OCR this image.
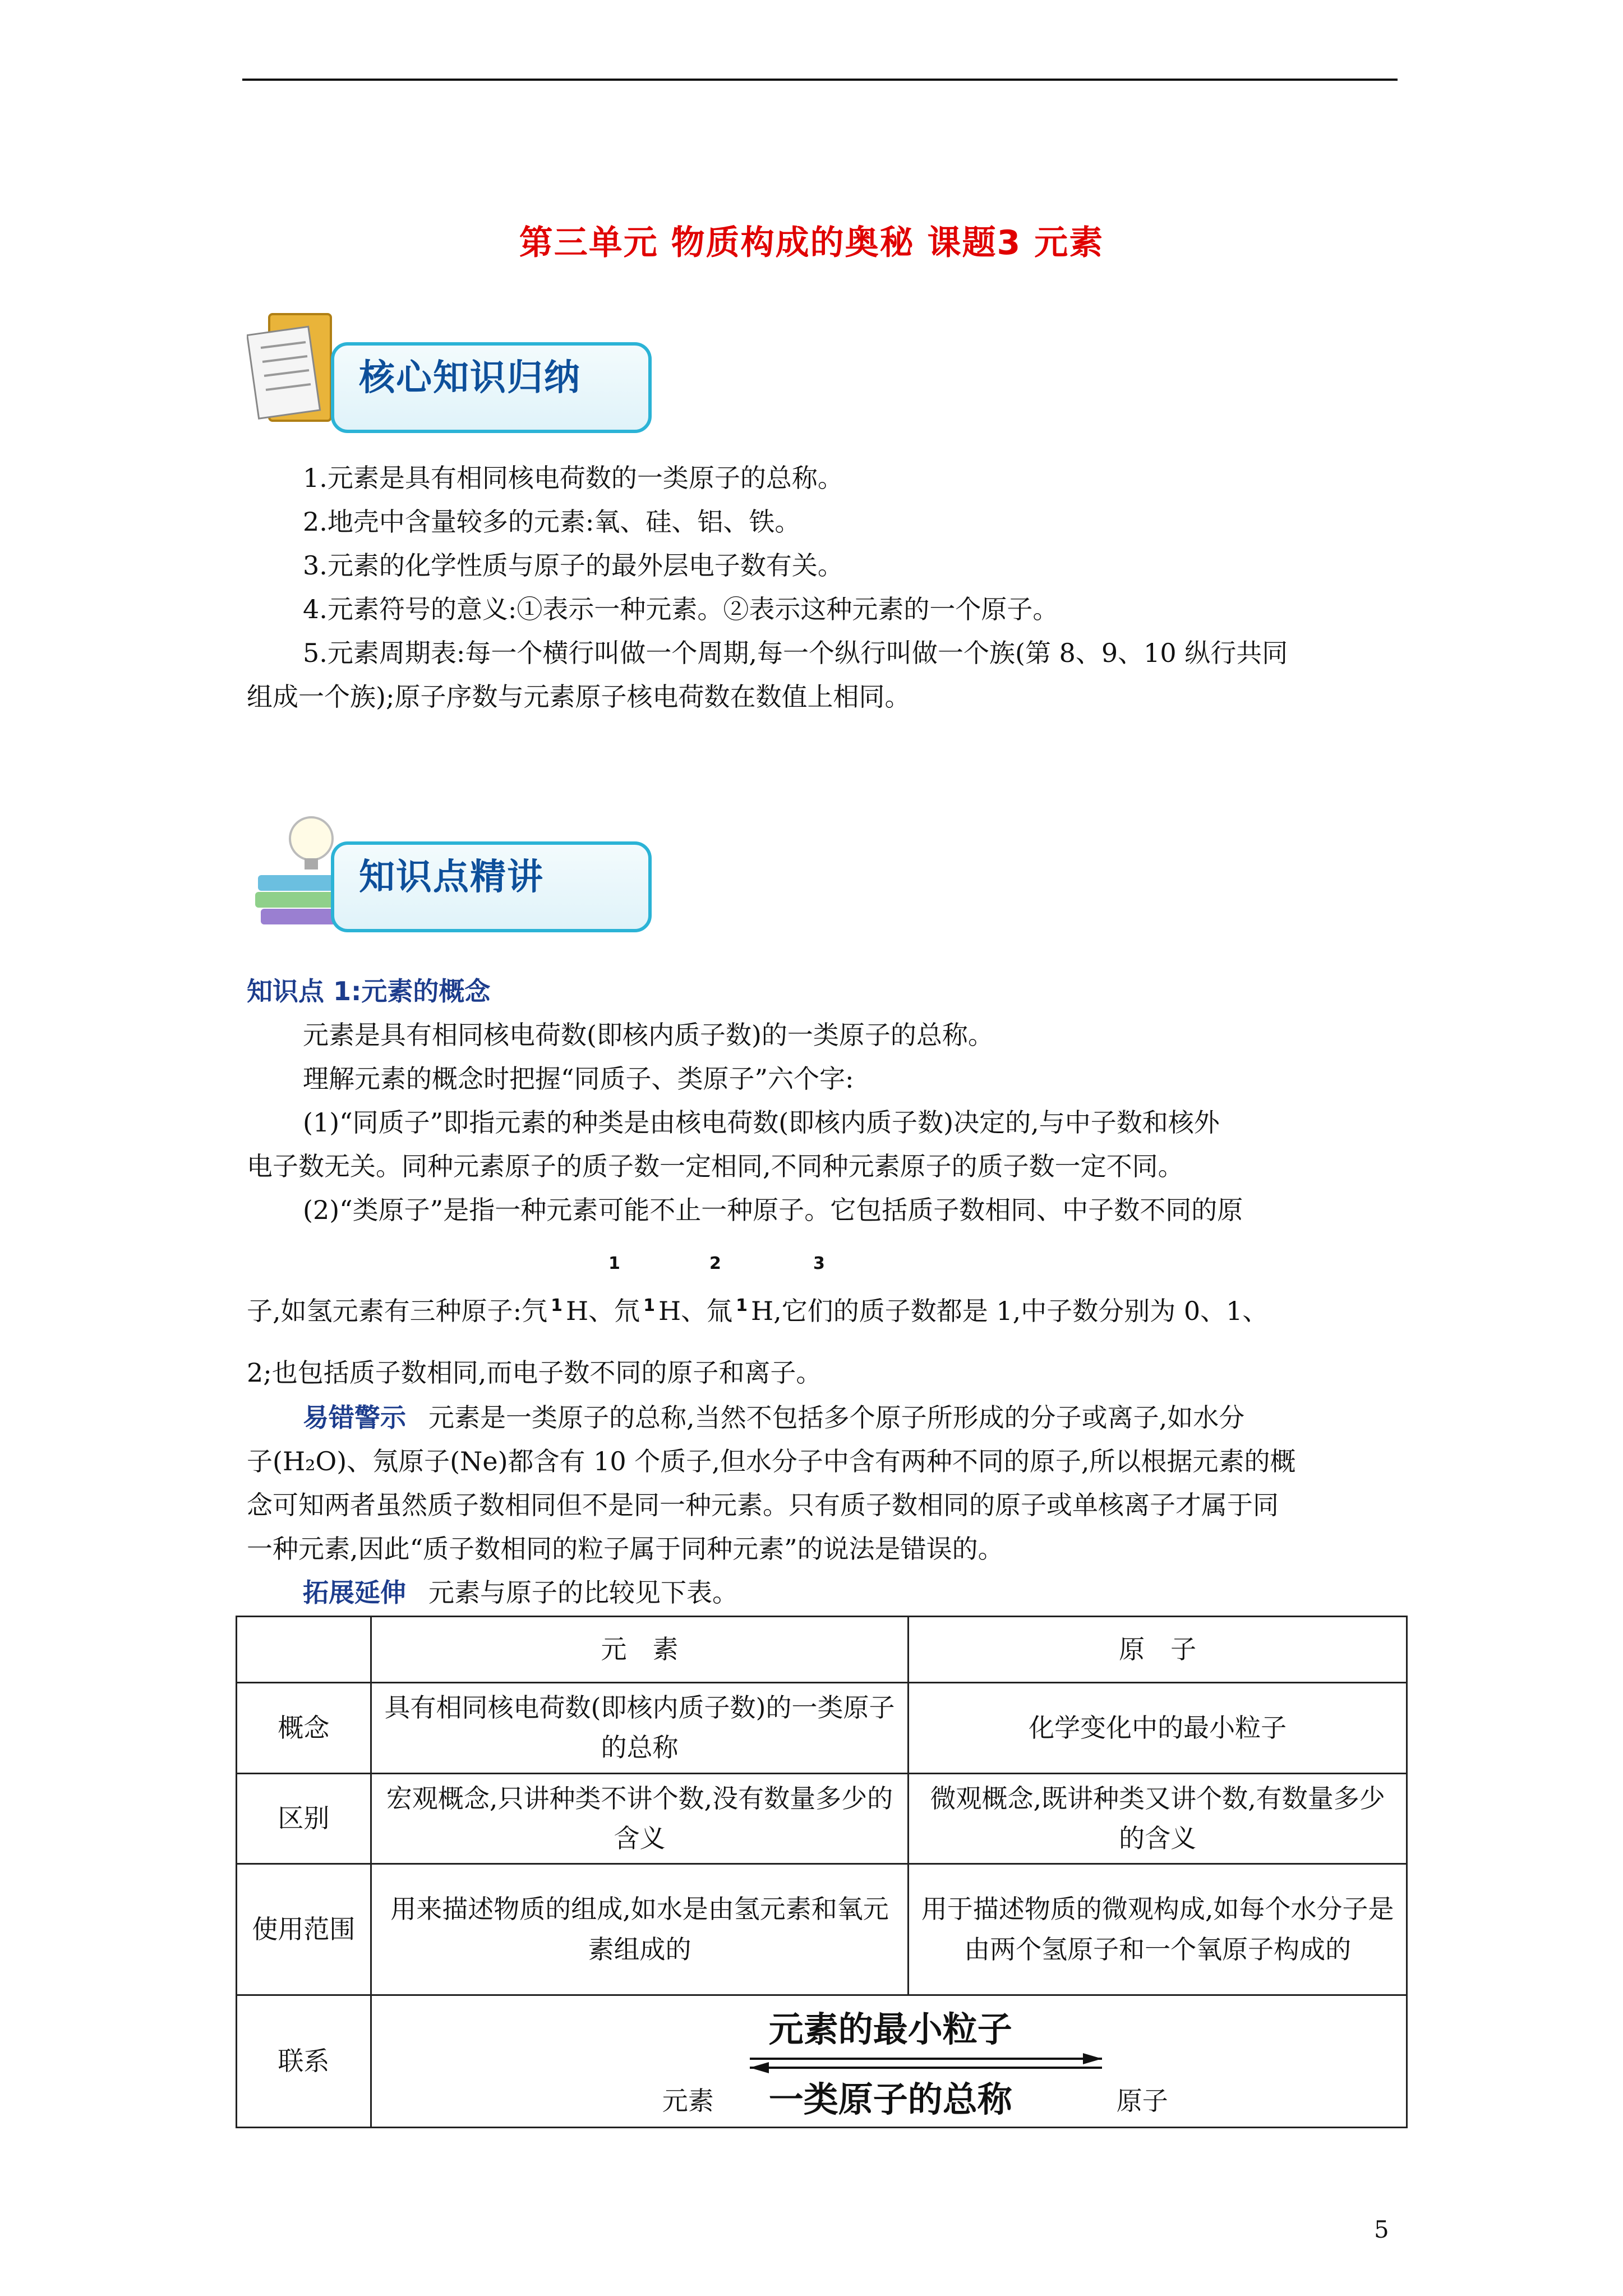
第三单元 物质构成的奥秘 课题3 元素
核心知识归纳
1.元素是具有相同核电荷数的一类原子的总称。
2.地壳中含量较多的元素:氧、硅、铝、铁。
3.元素的化学性质与原子的最外层电子数有关。
4.元素符号的意义:①表示一种元素。②表示这种元素的一个原子。
5.元素周期表:每一个横行叫做一个周期,每一个纵行叫做一个族(第 8、9、10 纵行共同
组成一个族);原子序数与元素原子核电荷数在数值上相同。
知识点精讲
知识点 1:元素的概念
元素是具有相同核电荷数(即核内质子数)的一类原子的总称。
理解元素的概念时把握“同质子、类原子”六个字:
(1)“同质子”即指元素的种类是由核电荷数(即核内质子数)决定的,与中子数和核外
电子数无关。同种元素原子的质子数一定相同,不同种元素原子的质子数一定不同。
(2)“类原子”是指一种元素可能不止一种原子。它包括质子数相同、中子数不同的原
1	2	3
子,如氢元素有三种原子:氕 $^1$ H、氘 $^1$ H、氚 $^1$ H,它们的质子数都是 1,中子数分别为 0、1、
2;也包括质子数相同,而电子数不同的原子和离子。
易错警示 元素是一类原子的总称,当然不包括多个原子所形成的分子或离子,如水分
子(H₂O)、氖原子(Ne)都含有 10 个质子,但水分子中含有两种不同的原子,所以根据元素的概
念可知两者虽然质子数相同但不是同一种元素。只有质子数相同的原子或单核离子才属于同
一种元素,因此“质子数相同的粒子属于同种元素”的说法是错误的。
拓展延伸 元素与原子的比较见下表。
	元　素	原　子
概念	具有相同核电荷数(即核内质子数)的一类原子的总称	化学变化中的最小粒子
区别	宏观概念,只讲种类不讲个数,没有数量多少的含义	微观概念,既讲种类又讲个数,有数量多少的含义
使用范围	用来描述物质的组成,如水是由氢元素和氧元素组成的	用于描述物质的微观构成,如每个水分子是由两个氢原子和一个氧原子构成的
联系	元素的最小粒子
元素 一类原子的总称 原子	
5
